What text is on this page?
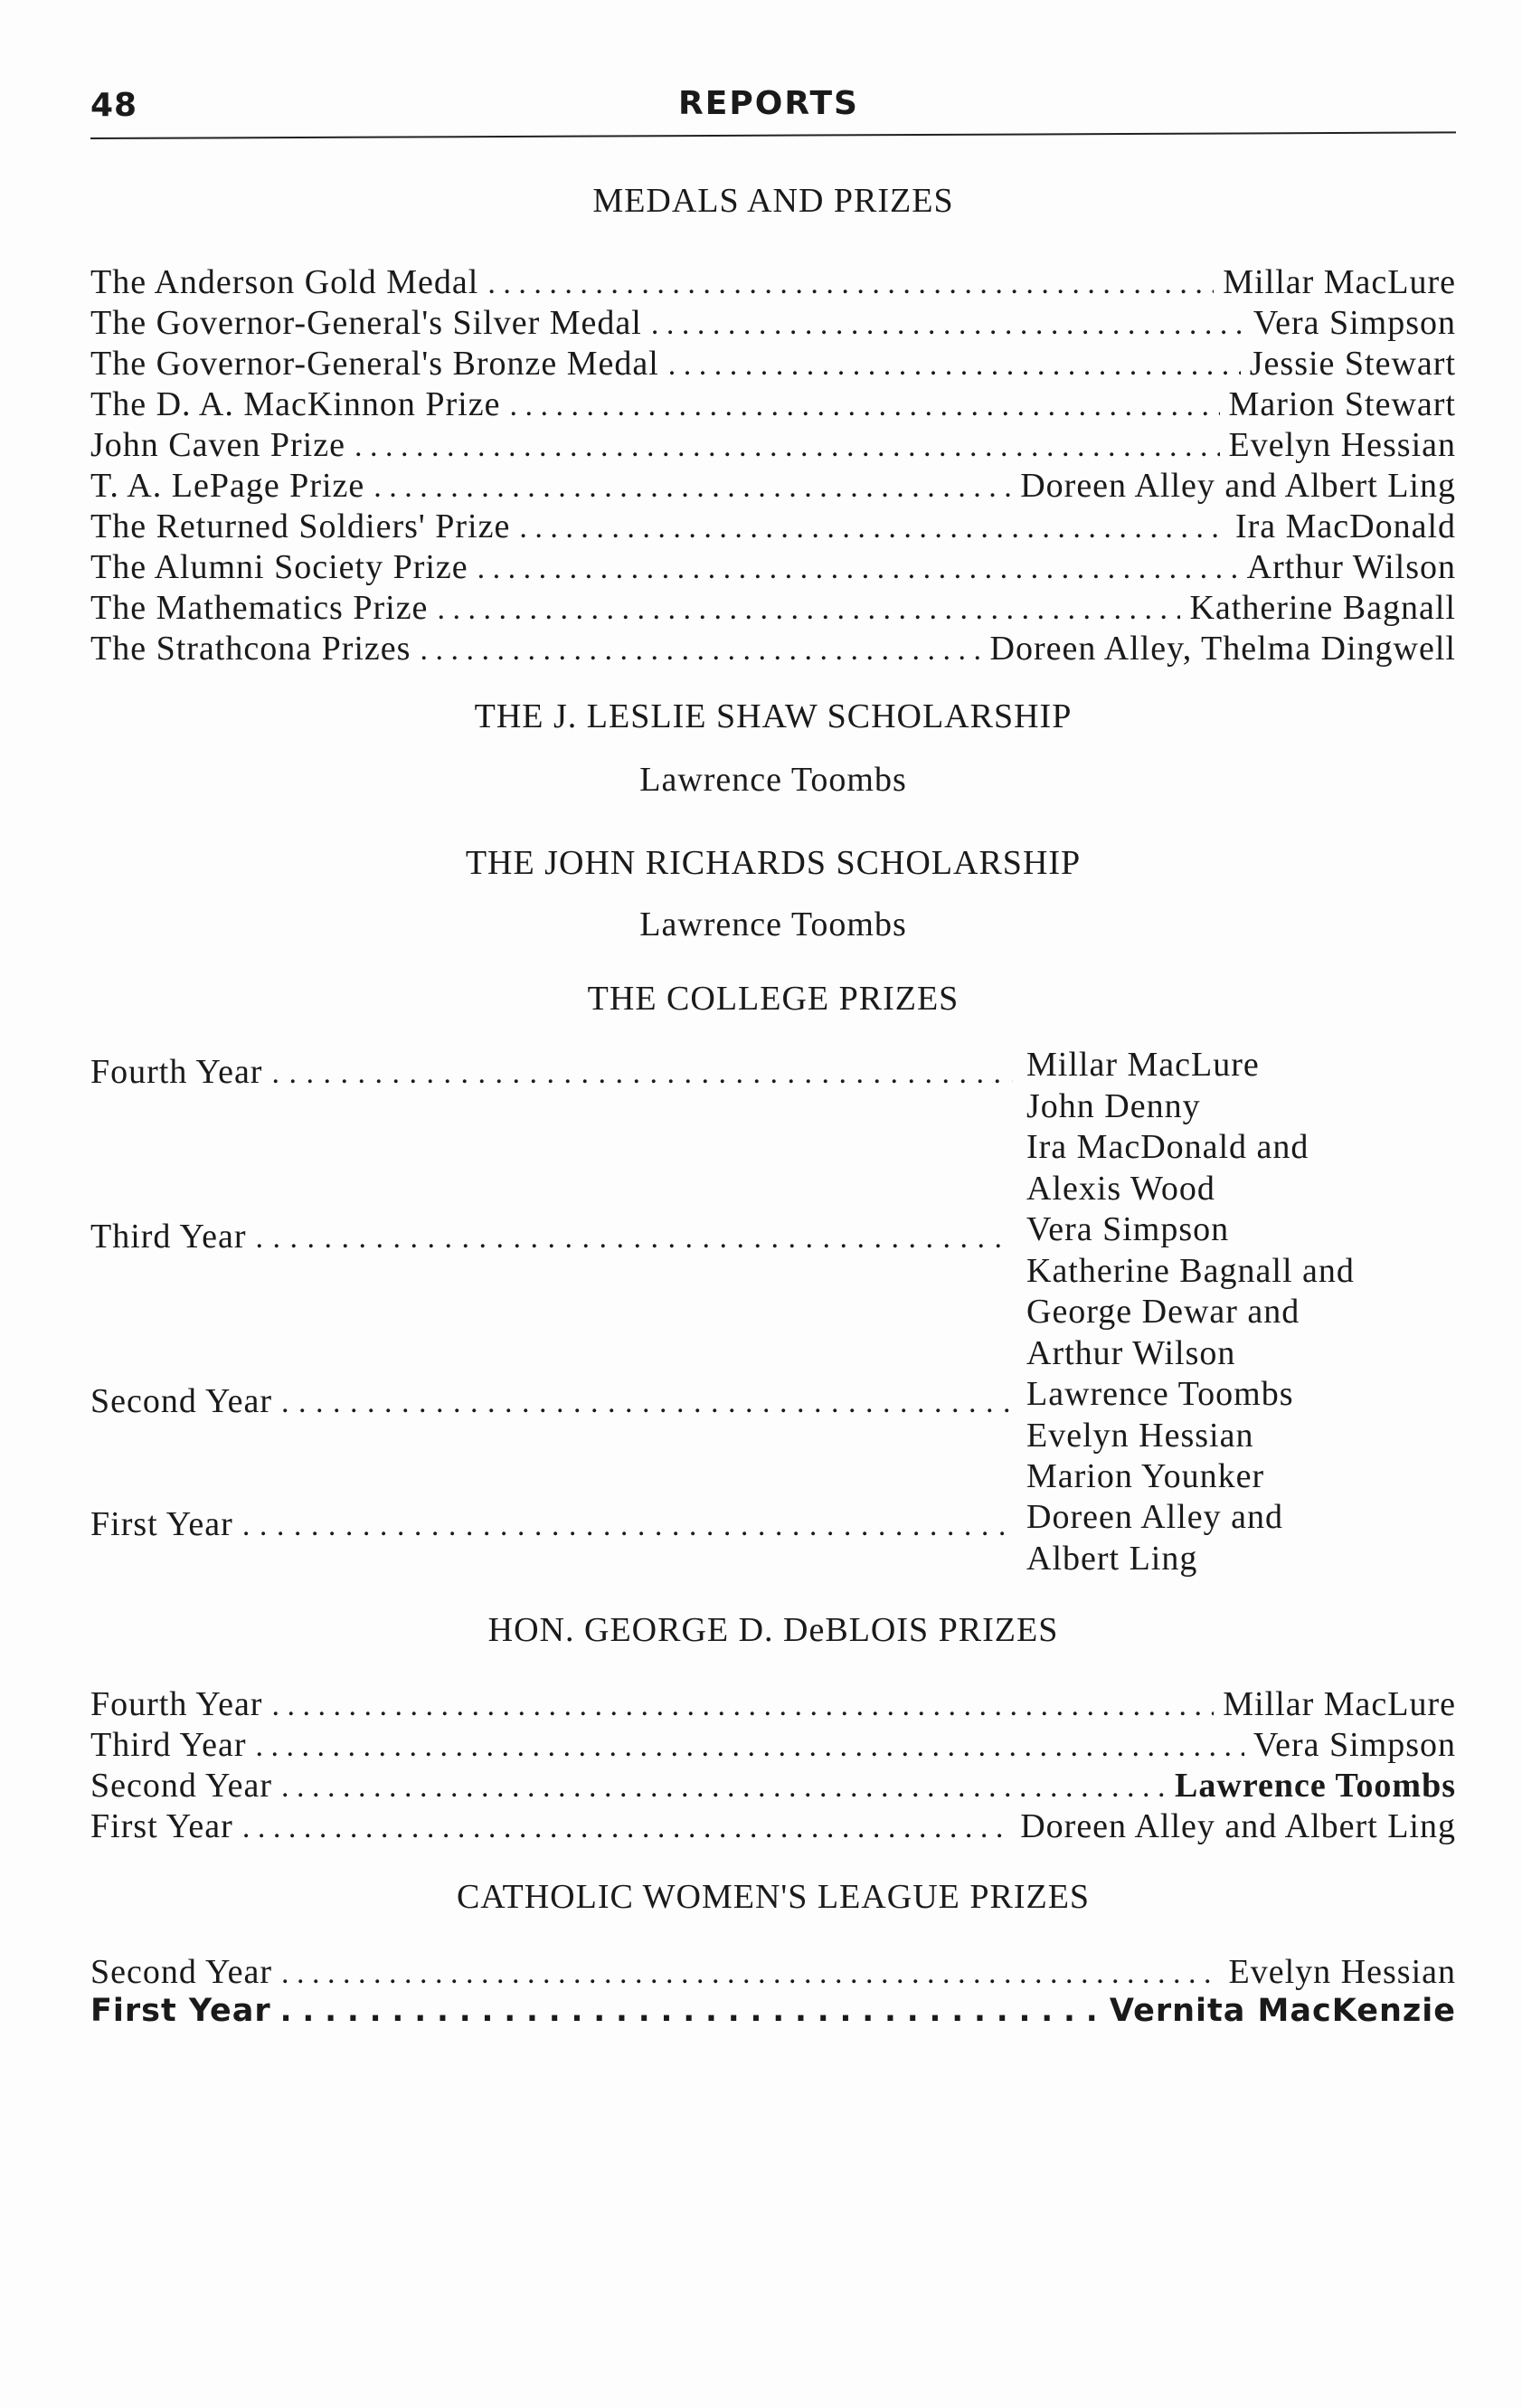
48	REPORTS
MEDALS AND PRIZES
The Anderson Gold Medal . . .	Millar MacLure
The Governor-General's Silver Medal . . .	Vera Simpson
The Governor-General's Bronze Medal . . .	Jessie Stewart
The D. A. MacKinnon Prize . . .	Marion Stewart
John Caven Prize . . .	Evelyn Hessian
T. A. LePage Prize . . .	Doreen Alley and Albert Ling
The Returned Soldiers' Prize . . .	Ira MacDonald
The Alumni Society Prize . . .	Arthur Wilson
The Mathematics Prize . . .	Katherine Bagnall
The Strathcona Prizes . . .	Doreen Alley, Thelma Dingwell
THE J. LESLIE SHAW SCHOLARSHIP
Lawrence Toombs
THE JOHN RICHARDS SCHOLARSHIP
Lawrence Toombs
THE COLLEGE PRIZES
Fourth Year . . .	Millar MacLure
John Denny
Ira MacDonald and
Alexis Wood
Third Year . . .	Vera Simpson
Katherine Bagnall and
George Dewar and
Arthur Wilson
Second Year . . .	Lawrence Toombs
Evelyn Hessian
Marion Younker
First Year . . .	Doreen Alley and
Albert Ling
HON. GEORGE D. DeBLOIS PRIZES
Fourth Year . . .	Millar MacLure
Third Year . . .	Vera Simpson
Second Year . . .	Lawrence Toombs
First Year . . .	Doreen Alley and Albert Ling
CATHOLIC WOMEN'S LEAGUE PRIZES
Second Year . . .	Evelyn Hessian
First Year . . .	Vernita MacKenzie
